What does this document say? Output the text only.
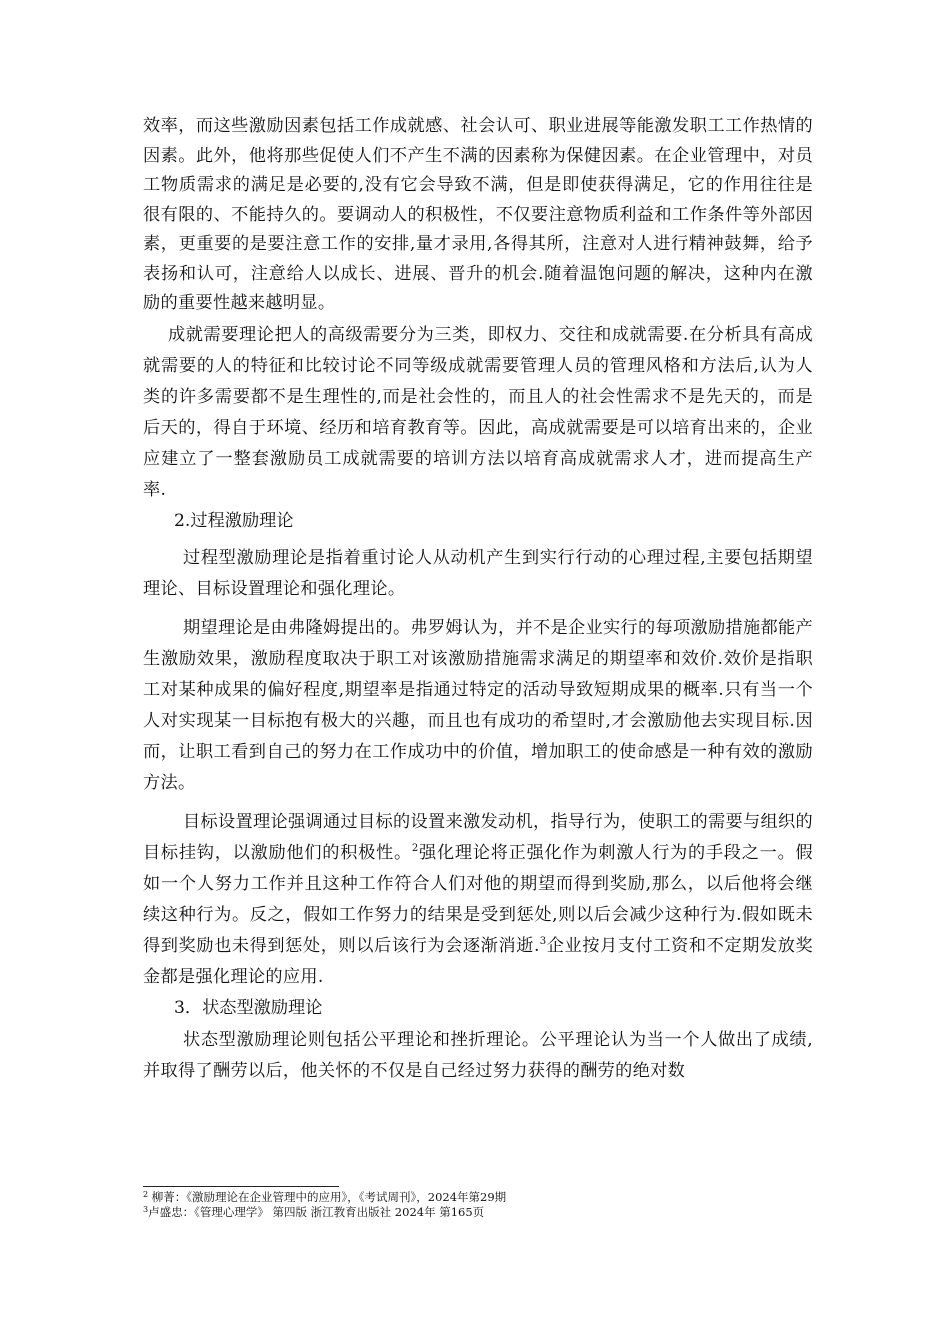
效率，而这些激励因素包括工作成就感、社会认可、职业进展等能激发职工工作热情的因素。此外，他将那些促使人们不产生不满的因素称为保健因素。在企业管理中，对员工物质需求的满足是必要的,没有它会导致不满，但是即使获得满足，它的作用往往是很有限的、不能持久的。要调动人的积极性，不仅要注意物质利益和工作条件等外部因素，更重要的是要注意工作的安排,量才录用,各得其所，注意对人进行精神鼓舞，给予表扬和认可，注意给人以成长、进展、晋升的机会.随着温饱问题的解决，这种内在激励的重要性越来越明显。

成就需要理论把人的高级需要分为三类，即权力、交往和成就需要.在分析具有高成就需要的人的特征和比较讨论不同等级成就需要管理人员的管理风格和方法后,认为人类的许多需要都不是生理性的,而是社会性的，而且人的社会性需求不是先天的，而是后天的，得自于环境、经历和培育教育等。因此，高成就需要是可以培育出来的，企业应建立了一整套激励员工成就需要的培训方法以培育高成就需求人才，进而提高生产率.

2.过程激励理论

过程型激励理论是指着重讨论人从动机产生到实行行动的心理过程,主要包括期望理论、目标设置理论和强化理论。

期望理论是由弗隆姆提出的。弗罗姆认为，并不是企业实行的每项激励措施都能产生激励效果，激励程度取决于职工对该激励措施需求满足的期望率和效价.效价是指职工对某种成果的偏好程度,期望率是指通过特定的活动导致短期成果的概率.只有当一个人对实现某一目标抱有极大的兴趣，而且也有成功的希望时,才会激励他去实现目标.因而，让职工看到自己的努力在工作成功中的价值，增加职工的使命感是一种有效的激励方法。

目标设置理论强调通过目标的设置来激发动机，指导行为，使职工的需要与组织的目标挂钩，以激励他们的积极性。$^2$强化理论将正强化作为刺激人行为的手段之一。假如一个人努力工作并且这种工作符合人们对他的期望而得到奖励,那么，以后他将会继续这种行为。反之，假如工作努力的结果是受到惩处,则以后会减少这种行为.假如既未得到奖励也未得到惩处，则以后该行为会逐渐消逝.$^3$企业按月支付工资和不定期发放奖金都是强化理论的应用.

3．状态型激励理论

状态型激励理论则包括公平理论和挫折理论。公平理论认为当一个人做出了成绩,并取得了酬劳以后，他关怀的不仅是自己经过努力获得的酬劳的绝对数

$^2$ 柳菁：《激励理论在企业管理中的应用》，《考试周刊》，2024年第29期

$^3$卢盛忠：《管理心理学》 第四版 浙江教育出版社 2024年 第165页
